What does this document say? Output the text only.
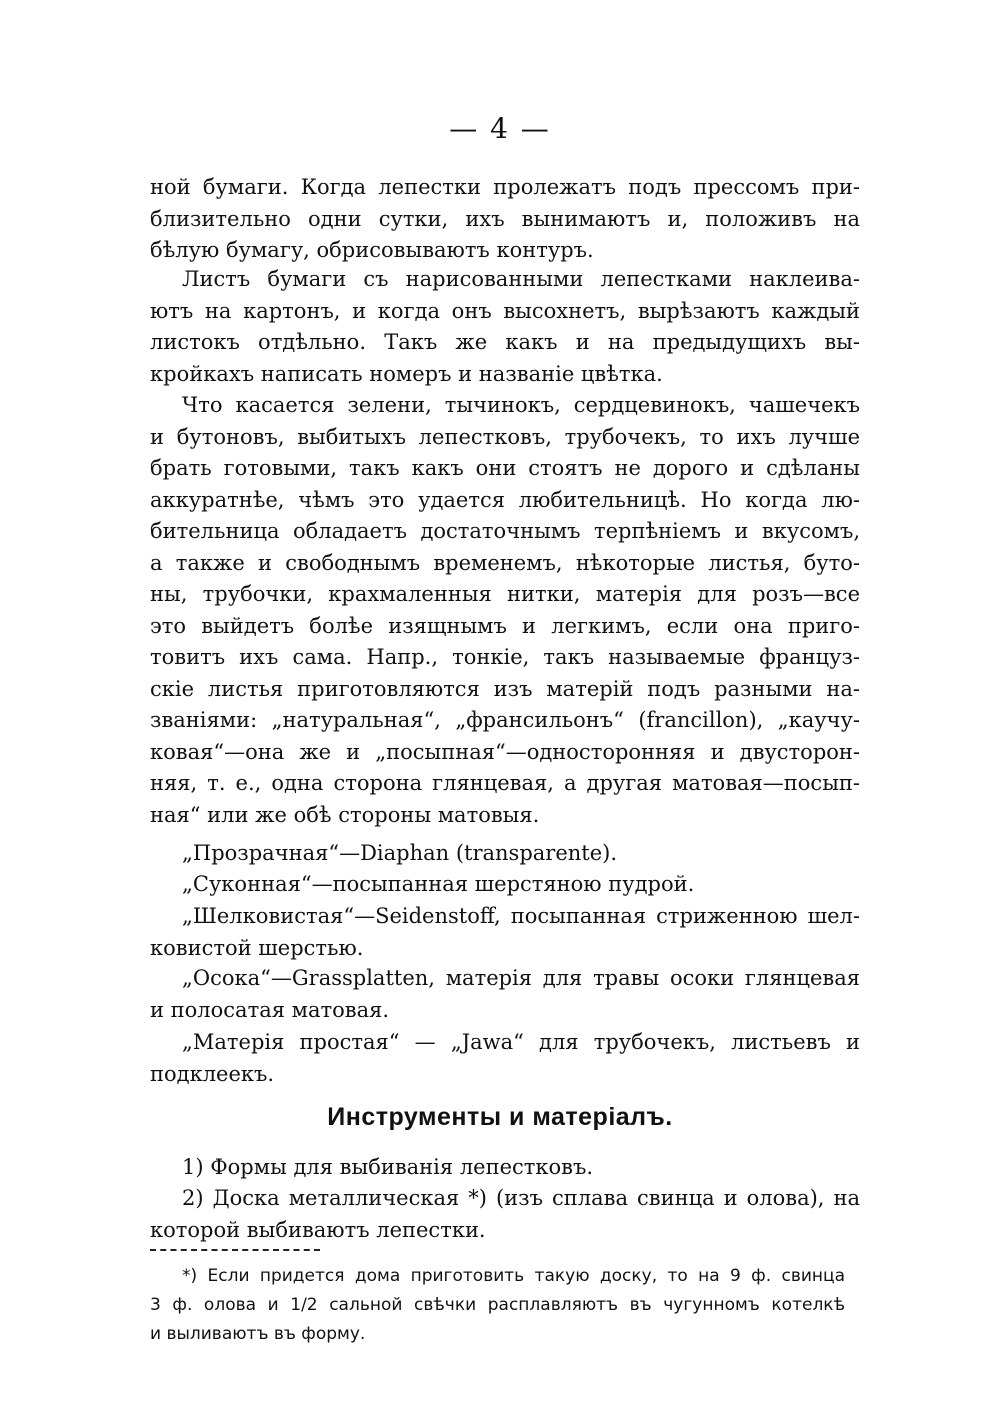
— 4 —
ной бумаги. Когда лепестки пролежатъ подъ прессомъ при-
близительно одни сутки, ихъ вынимаютъ и, положивъ на
бѣлую бумагу, обрисовываютъ контуръ.
Листъ бумаги съ нарисованными лепестками наклеива-
ютъ на картонъ, и когда онъ высохнетъ, вырѣзаютъ каждый
листокъ отдѣльно. Такъ же какъ и на предыдущихъ вы-
кройкахъ написать номеръ и названіе цвѣтка.
Что касается зелени, тычинокъ, сердцевинокъ, чашечекъ
и бутоновъ, выбитыхъ лепестковъ, трубочекъ, то ихъ лучше
брать готовыми, такъ какъ они стоятъ не дорого и сдѣланы
аккуратнѣе, чѣмъ это удается любительницѣ. Но когда лю-
бительница обладаетъ достаточнымъ терпѣніемъ и вкусомъ,
а также и свободнымъ временемъ, нѣкоторые листья, буто-
ны, трубочки, крахмаленныя нитки, матерія для розъ—все
это выйдетъ болѣе изящнымъ и легкимъ, если она приго-
товитъ ихъ сама. Напр., тонкіе, такъ называемые француз-
скіе листья приготовляются изъ матерій подъ разными на-
званіями: „натуральная“, „франсильонъ“ (francillon), „каучу-
ковая“—она же и „посыпная“—односторонняя и двусторон-
няя, т. е., одна сторона глянцевая, а другая матовая—посып-
ная“ или же обѣ стороны матовыя.
„Прозрачная“—Diaphan (transparente).
„Суконная“—посыпанная шерстяною пудрой.
„Шелковистая“—Seidenstoff, посыпанная стриженною шел-
ковистой шерстью.
„Осока“—Grassplatten, матерія для травы осоки глянцевая
и полосатая матовая.
„Матерія простая“ — „Jawa“ для трубочекъ, листьевъ и
подклеекъ.
Инструменты и матеріалъ.
1) Формы для выбиванія лепестковъ.
2) Доска металлическая *) (изъ сплава свинца и олова), на
которой выбиваютъ лепестки.
*) Если придется дома приготовить такую доску, то на 9 ф. свинца
3 ф. олова и 1/2 сальной свѣчки расплавляютъ въ чугунномъ котелкѣ
и выливаютъ въ форму.
